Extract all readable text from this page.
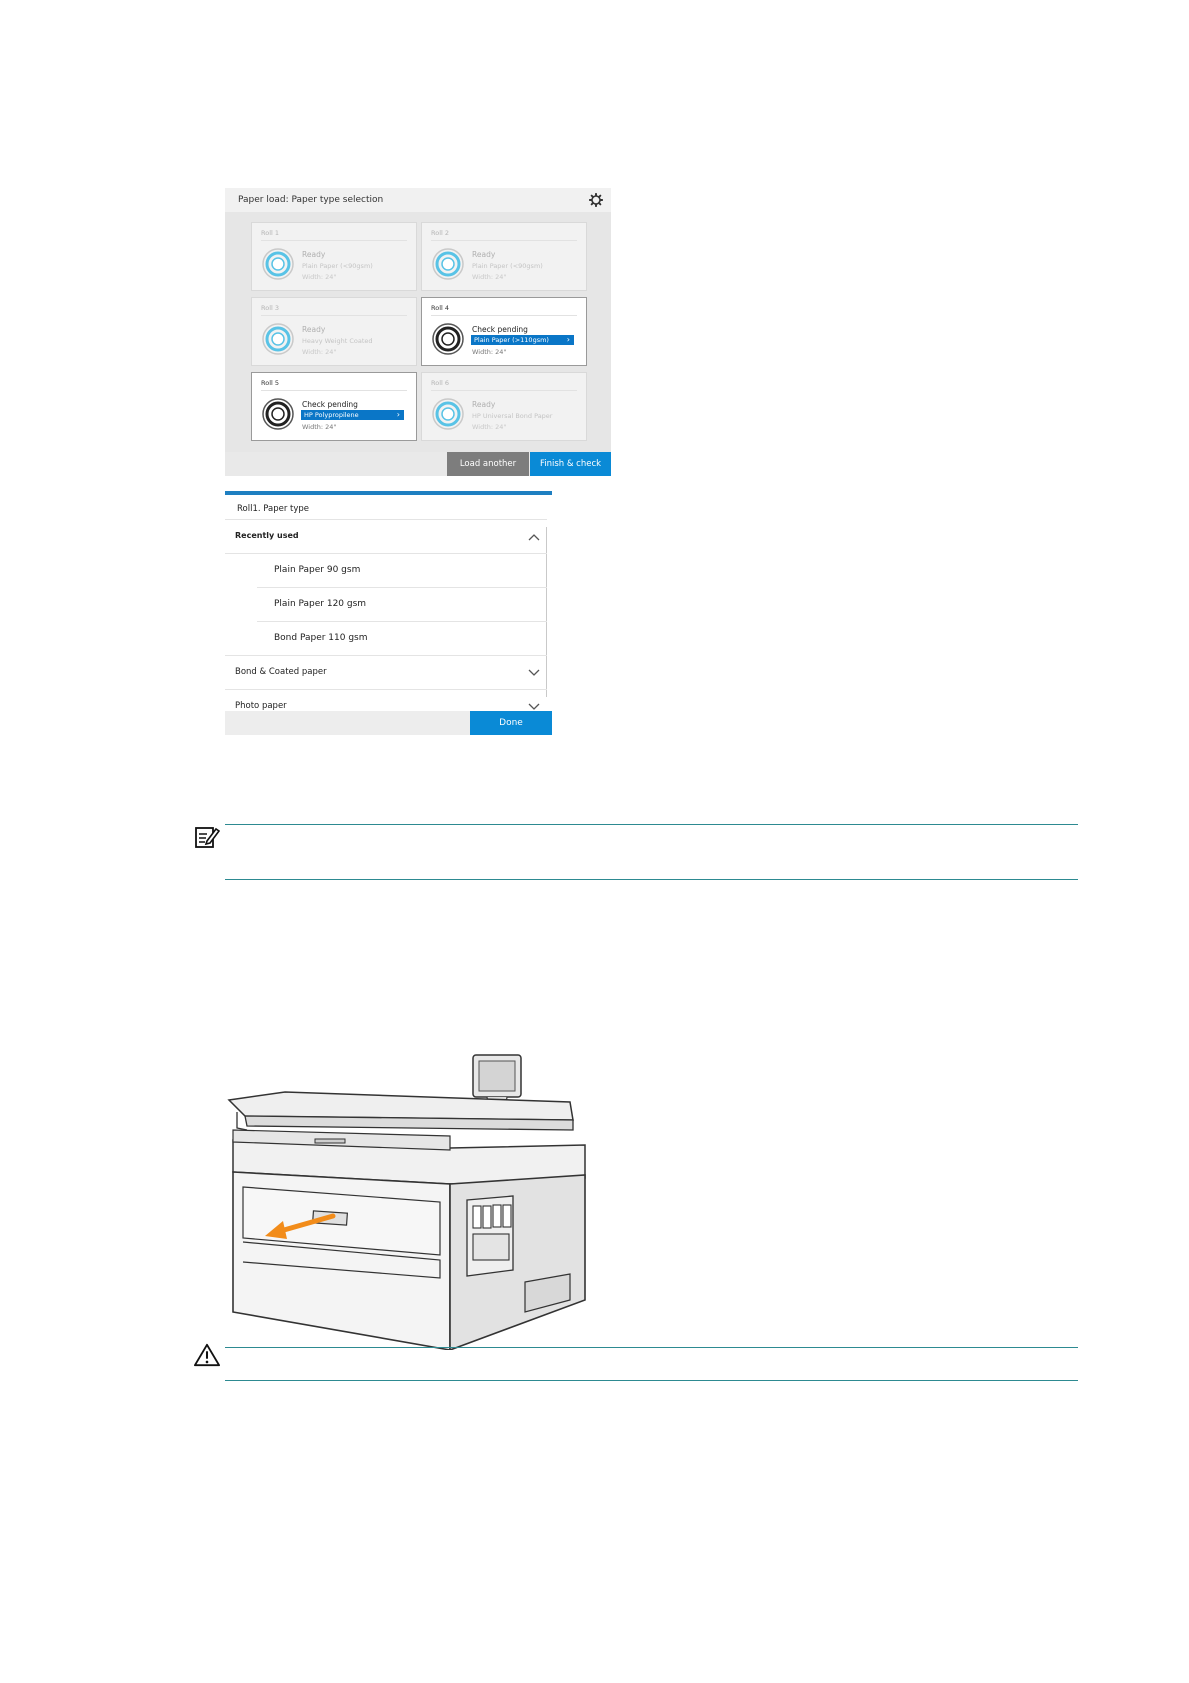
Paper load: Paper type selection
Roll 1
Ready
Plain Paper (<90gsm)
Width: 24"
Roll 2
Ready
Plain Paper (<90gsm)
Width: 24"
Roll 3
Ready
Heavy Weight Coated
Width: 24"
Roll 4
Check pending
Plain Paper (>110gsm) ›
Width: 24"
Roll 5
Check pending
HP Polypropilene	›
Width: 24"
Roll 6
Ready
HP Universal Bond Paper
Width: 24"
Load another	Finish & check
Roll1. Paper type
Recently used
Plain Paper 90 gsm
Plain Paper 120 gsm
Bond Paper 110 gsm
Bond & Coated paper
Photo paper
Done
